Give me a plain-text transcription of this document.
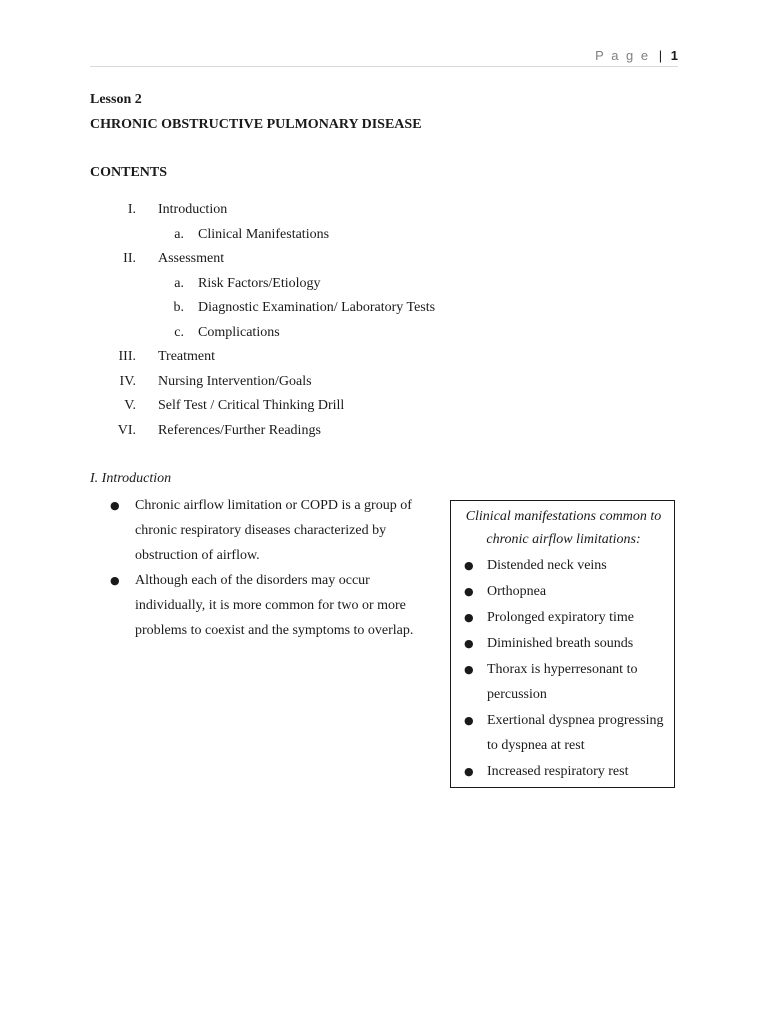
P a g e | 1
Lesson 2
CHRONIC OBSTRUCTIVE PULMONARY DISEASE
CONTENTS
I. Introduction
a. Clinical Manifestations
II. Assessment
a. Risk Factors/Etiology
b. Diagnostic Examination/ Laboratory Tests
c. Complications
III. Treatment
IV. Nursing Intervention/Goals
V. Self Test / Critical Thinking Drill
VI. References/Further Readings
I. Introduction
● Chronic airflow limitation or COPD is a group of chronic respiratory diseases characterized by obstruction of airflow.
● Although each of the disorders may occur individually, it is more common for two or more problems to coexist and the symptoms to overlap.
Clinical manifestations common to chronic airflow limitations:
● Distended neck veins
● Orthopnea
● Prolonged expiratory time
● Diminished breath sounds
● Thorax is hyperresonant to percussion
● Exertional dyspnea progressing to dyspnea at rest
● Increased respiratory rest
